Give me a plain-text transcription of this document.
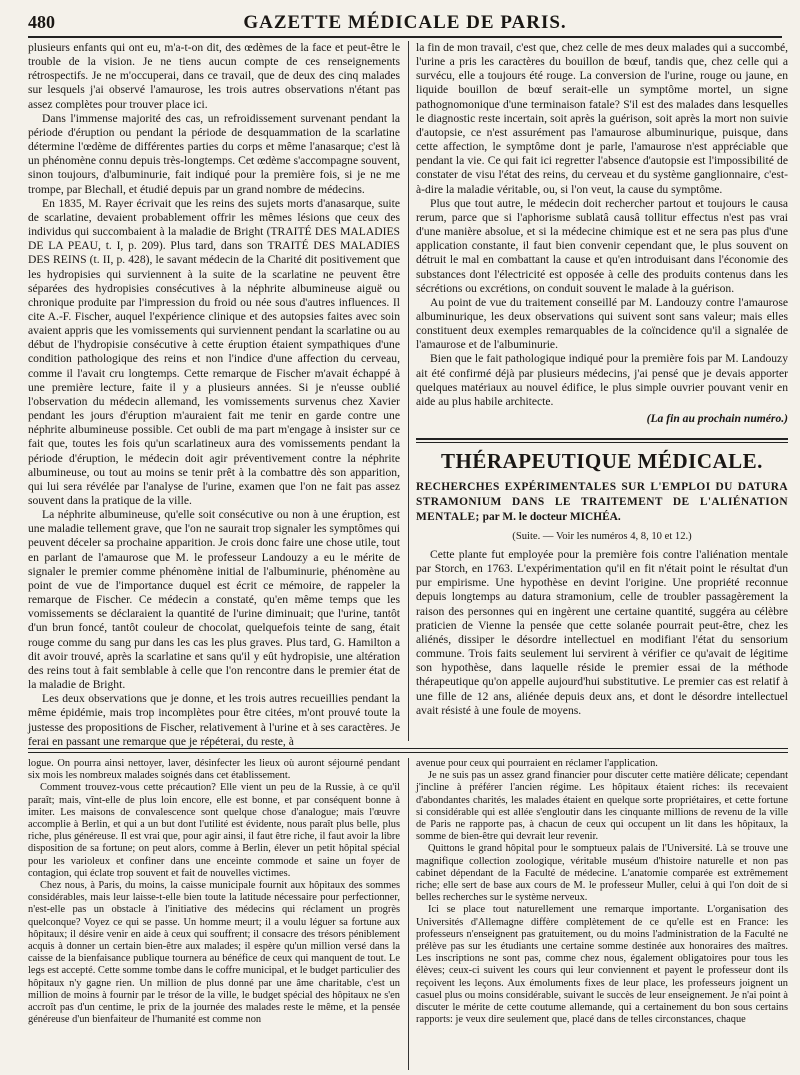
480	GAZETTE MÉDICALE DE PARIS.

plusieurs enfants qui ont eu, m'a-t-on dit, des œdèmes de la face et peut-être le trouble de la vision. Je ne tiens aucun compte de ces renseignements rétrospectifs. Je ne m'occuperai, dans ce travail, que de deux des cinq malades sur lesquels j'ai observé l'amaurose, les trois autres observations n'étant pas assez complètes pour trouver place ici.

Dans l'immense majorité des cas, un refroidissement survenant pendant la période d'éruption ou pendant la période de desquammation de la scarlatine détermine l'œdème de différentes parties du corps et même l'anasarque; c'est là un phénomène connu depuis très-longtemps. Cet œdème s'accompagne souvent, sinon toujours, d'albuminurie, fait indiqué pour la première fois, si je ne me trompe, par Blechall, et étudié depuis par un grand nombre de médecins.

En 1835, M. Rayer écrivait que les reins des sujets morts d'anasarque, suite de scarlatine, devaient probablement offrir les mêmes lésions que ceux des individus qui succombaient à la maladie de Bright (TRAITÉ DES MALADIES DE LA PEAU, t. I, p. 209). Plus tard, dans son TRAITÉ DES MALADIES DES REINS (t. II, p. 428), le savant médecin de la Charité dit positivement que les hydropisies qui surviennent à la suite de la scarlatine ne peuvent être séparées des hydropisies consécutives à la néphrite albumineuse aiguë ou chronique produite par l'impression du froid ou née sous d'autres influences. Il cite A.-F. Fischer, auquel l'expérience clinique et des autopsies faites avec soin avaient appris que les vomissements qui surviennent pendant la scarlatine ou au début de l'hydropisie consécutive à cette éruption étaient sympathiques d'une condition pathologique des reins et non l'indice d'une affection du cerveau, comme il l'avait cru longtemps. Cette remarque de Fischer m'avait échappé à une première lecture, faite il y a plusieurs années. Si je n'eusse oublié l'observation du médecin allemand, les vomissements survenus chez Xavier pendant les jours d'éruption m'auraient fait me tenir en garde contre une néphrite albumineuse possible. Cet oubli de ma part m'engage à insister sur ce fait que, toutes les fois qu'un scarlatineux aura des vomissements pendant la période d'éruption, le médecin doit agir préventivement contre la néphrite albumineuse, ou tout au moins se tenir prêt à la combattre dès son apparition, qui lui sera révélée par l'analyse de l'urine, examen que l'on ne fait pas assez souvent dans la pratique de la ville.

La néphrite albumineuse, qu'elle soit consécutive ou non à une éruption, est une maladie tellement grave, que l'on ne saurait trop signaler les symptômes qui peuvent déceler sa prochaine apparition. Je crois donc faire une chose utile, tout en parlant de l'amaurose que M. le professeur Landouzy a eu le mérite de signaler le premier comme phénomène initial de l'albuminurie, phénomène au point de vue de l'importance duquel est écrit ce mémoire, de rappeler la remarque de Fischer. Ce médecin a constaté, qu'en même temps que les vomissements se déclaraient la quantité de l'urine diminuait; que l'urine, tantôt d'un brun foncé, tantôt couleur de chocolat, quelquefois teinte de sang, était rouge comme du sang pur dans les cas les plus graves. Plus tard, G. Hamilton a dit avoir trouvé, après la scarlatine et sans qu'il y eût hydropisie, une altération des reins tout à fait semblable à celle que l'on rencontre dans le premier état de la maladie de Bright.

Les deux observations que je donne, et les trois autres recueillies pendant la même épidémie, mais trop incomplètes pour être citées, m'ont prouvé toute la justesse des propositions de Fischer, relativement à l'urine et à ses caractères. Je ferai en passant une remarque que je répéterai, du reste, à

la fin de mon travail, c'est que, chez celle de mes deux malades qui a succombé, l'urine a pris les caractères du bouillon de bœuf, tandis que, chez celle qui a survécu, elle a toujours été rouge. La conversion de l'urine, rouge ou jaune, en liquide bouillon de bœuf serait-elle un symptôme mortel, un signe pathognomonique d'une terminaison fatale? S'il est des malades dans lesquelles le diagnostic reste incertain, soit après la guérison, soit après la mort non suivie d'autopsie, ce n'est assurément pas l'amaurose albuminurique, puisque, dans cette affection, le symptôme dont je parle, l'amaurose n'est appréciable que pendant la vie. Ce qui fait ici regretter l'absence d'autopsie est l'impossibilité de constater de visu l'état des reins, du cerveau et du système ganglionnaire, c'est-à-dire la maladie véritable, ou, si l'on veut, la cause du symptôme.

Plus que tout autre, le médecin doit rechercher partout et toujours le causa rerum, parce que si l'aphorisme sublatâ causâ tollitur effectus n'est pas vrai d'une manière absolue, et si la médecine chimique est et ne sera pas plus d'une application constante, il faut bien convenir cependant que, le plus souvent on détruit le mal en combattant la cause et qu'en introduisant dans l'économie des substances dont l'électricité est opposée à celle des produits contenus dans les sécrétions ou excrétions, on conduit souvent le malade à la guérison.

Au point de vue du traitement conseillé par M. Landouzy contre l'amaurose albuminurique, les deux observations qui suivent sont sans valeur; mais elles constituent deux exemples remarquables de la coïncidence qu'il a signalée de l'amaurose et de l'albuminurie.

Bien que le fait pathologique indiqué pour la première fois par M. Landouzy ait été confirmé déjà par plusieurs médecins, j'ai pensé que je devais apporter quelques matériaux au nouvel édifice, le plus simple ouvrier pouvant venir en aide au plus habile architecte.

(La fin au prochain numéro.)
THÉRAPEUTIQUE MÉDICALE.
RECHERCHES EXPÉRIMENTALES SUR L'EMPLOI DU DATURA STRAMONIUM DANS LE TRAITEMENT DE L'ALIÉNATION MENTALE; par M. le docteur MICHÉA.
(Suite. — Voir les numéros 4, 8, 10 et 12.)

Cette plante fut employée pour la première fois contre l'aliénation mentale par Storch, en 1763. L'expérimentation qu'il en fit n'était point le résultat d'un pur empirisme. Une hypothèse en devint l'origine. Une propriété reconnue depuis longtemps au datura stramonium, celle de troubler passagèrement la raison des personnes qui en ingèrent une certaine quantité, suggéra au célèbre praticien de Vienne la pensée que cette solanée pourrait peut-être, chez les aliénés, dissiper le désordre intellectuel en modifiant l'état du sensorium commune. Trois faits seulement lui servirent à vérifier ce qu'avait de légitime son hypothèse, dans laquelle réside le premier essai de la méthode thérapeutique qu'on appelle aujourd'hui substitutive. Le premier cas est relatif à une fille de 12 ans, aliénée depuis deux ans, et dont le désordre intellectuel avait résisté à une foule de moyens.

logue. On pourra ainsi nettoyer, laver, désinfecter les lieux où auront séjourné pendant six mois les nombreux malades soignés dans cet établissement.

Comment trouvez-vous cette précaution? Elle vient un peu de la Russie, à ce qu'il paraît; mais, vînt-elle de plus loin encore, elle est bonne, et par conséquent bonne à imiter. Les maisons de convalescence sont quelque chose d'analogue; mais l'œuvre accomplie à Berlin, et qui a un but dont l'utilité est évidente, nous paraît plus belle, plus riche, plus généreuse. Il est vrai que, pour agir ainsi, il faut être riche, il faut avoir la libre disposition de sa fortune; on peut alors, comme à Berlin, élever un petit hôpital spécial pour les varioleux et confiner dans une enceinte commode et saine un foyer de contagion, qui éclate trop souvent et fait de nouvelles victimes.

Chez nous, à Paris, du moins, la caisse municipale fournit aux hôpitaux des sommes considérables, mais leur laisse-t-elle bien toute la latitude nécessaire pour perfectionner, n'est-elle pas un obstacle à l'initiative des médecins qui réclament un progrès quelconque? Voyez ce qui se passe. Un homme meurt; il a voulu léguer sa fortune aux hôpitaux; il désire venir en aide à ceux qui souffrent; il consacre des trésors péniblement acquis à donner un certain bien-être aux malades; il espère qu'un million versé dans la caisse de la bienfaisance publique tournera au bénéfice de ceux qui manquent de tout. Le legs est accepté. Cette somme tombe dans le coffre municipal, et le budget particulier des hôpitaux n'y gagne rien. Un million de plus donné par une âme charitable, c'est un million de moins à fournir par le trésor de la ville, le budget spécial des hôpitaux ne s'en accroît pas d'un centime, le prix de la journée des malades reste le même, et la pensée généreuse d'un bienfaiteur de l'humanité est comme non

avenue pour ceux qui pourraient en réclamer l'application.

Je ne suis pas un assez grand financier pour discuter cette matière délicate; cependant j'incline à préférer l'ancien régime. Les hôpitaux étaient riches: ils recevaient d'abondantes charités, les malades étaient en quelque sorte propriétaires, et cette fortune si considérable qui est allée s'engloutir dans les cinquante millions de revenu de la ville de Paris ne rapporte pas, à chacun de ceux qui occupent un lit dans les hôpitaux, la somme de bien-être qui devrait leur revenir.

Quittons le grand hôpital pour le somptueux palais de l'Université. Là se trouve une magnifique collection zoologique, véritable muséum d'histoire naturelle et non pas cabinet dépendant de la Faculté de médecine. L'anatomie comparée est extrêmement riche; elle sert de base aux cours de M. le professeur Muller, celui à qui l'on doit de si belles recherches sur le système nerveux.

Ici se place tout naturellement une remarque importante. L'organisation des Universités d'Allemagne diffère complètement de ce qu'elle est en France: les professeurs n'enseignent pas gratuitement, ou du moins l'administration de la Faculté ne prélève pas sur les étudiants une certaine somme destinée aux honoraires des maîtres. Les inscriptions ne sont pas, comme chez nous, également obligatoires pour tous les élèves; ceux-ci suivent les cours qui leur conviennent et payent le professeur dont ils reçoivent les leçons. Aux émoluments fixes de leur place, les professeurs joignent un casuel plus ou moins considérable, suivant le succès de leur enseignement. Je n'ai point à discuter le mérite de cette coutume allemande, qui a certainement du bon sous certains rapports: je veux dire seulement que, placé dans de telles circonstances, chaque
